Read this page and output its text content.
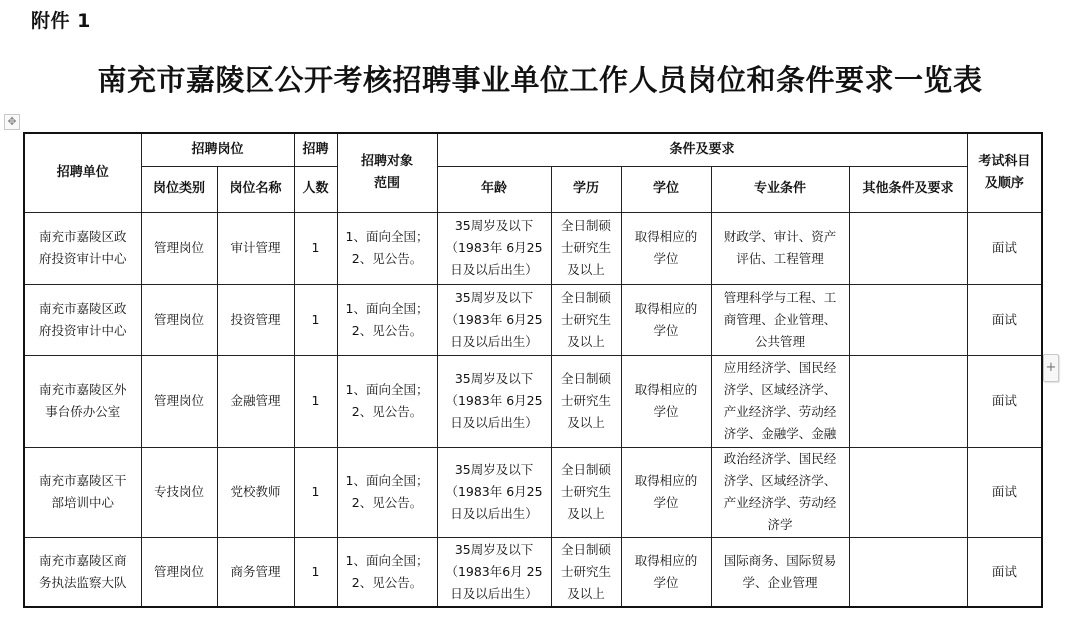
附件 1
南充市嘉陵区公开考核招聘事业单位工作人员岗位和条件要求一览表
✥
+
招聘单位	招聘岗位		招聘	招聘对象
范围	条件及要求					考试科目
及顺序

	岗位类别	岗位名称	人数		年龄	学历	学位	专业条件	其他条件及要求	

南充市嘉陵区政
府投资审计中心	管理岗位	审计管理	1	1、面向全国；
2、见公告。	35周岁及以下
（1983年 6月25
日及以后出生）	全日制硕
士研究生
及以上	取得相应的
学位	财政学、审计、资产
评估、工程管理		面试

南充市嘉陵区政
府投资审计中心	管理岗位	投资管理	1	1、面向全国；
2、见公告。	35周岁及以下
（1983年 6月25
日及以后出生）	全日制硕
士研究生
及以上	取得相应的
学位	管理科学与工程、工
商管理、企业管理、
公共管理		面试

南充市嘉陵区外
事台侨办公室	管理岗位	金融管理	1	1、面向全国；
2、见公告。	35周岁及以下
（1983年 6月25
日及以后出生）	全日制硕
士研究生
及以上	取得相应的
学位	应用经济学、国民经
济学、区域经济学、
产业经济学、劳动经
济学、金融学、金融		面试

南充市嘉陵区干
部培训中心	专技岗位	党校教师	1	1、面向全国；
2、见公告。	35周岁及以下
（1983年 6月25
日及以后出生）	全日制硕
士研究生
及以上	取得相应的
学位	政治经济学、国民经
济学、区域经济学、
产业经济学、劳动经
济学		面试

南充市嘉陵区商
务执法监察大队	管理岗位	商务管理	1	1、面向全国；
2、见公告。	35周岁及以下
（1983年6月 25
日及以后出生）	全日制硕
士研究生
及以上	取得相应的
学位	国际商务、国际贸易
学、企业管理		面试
